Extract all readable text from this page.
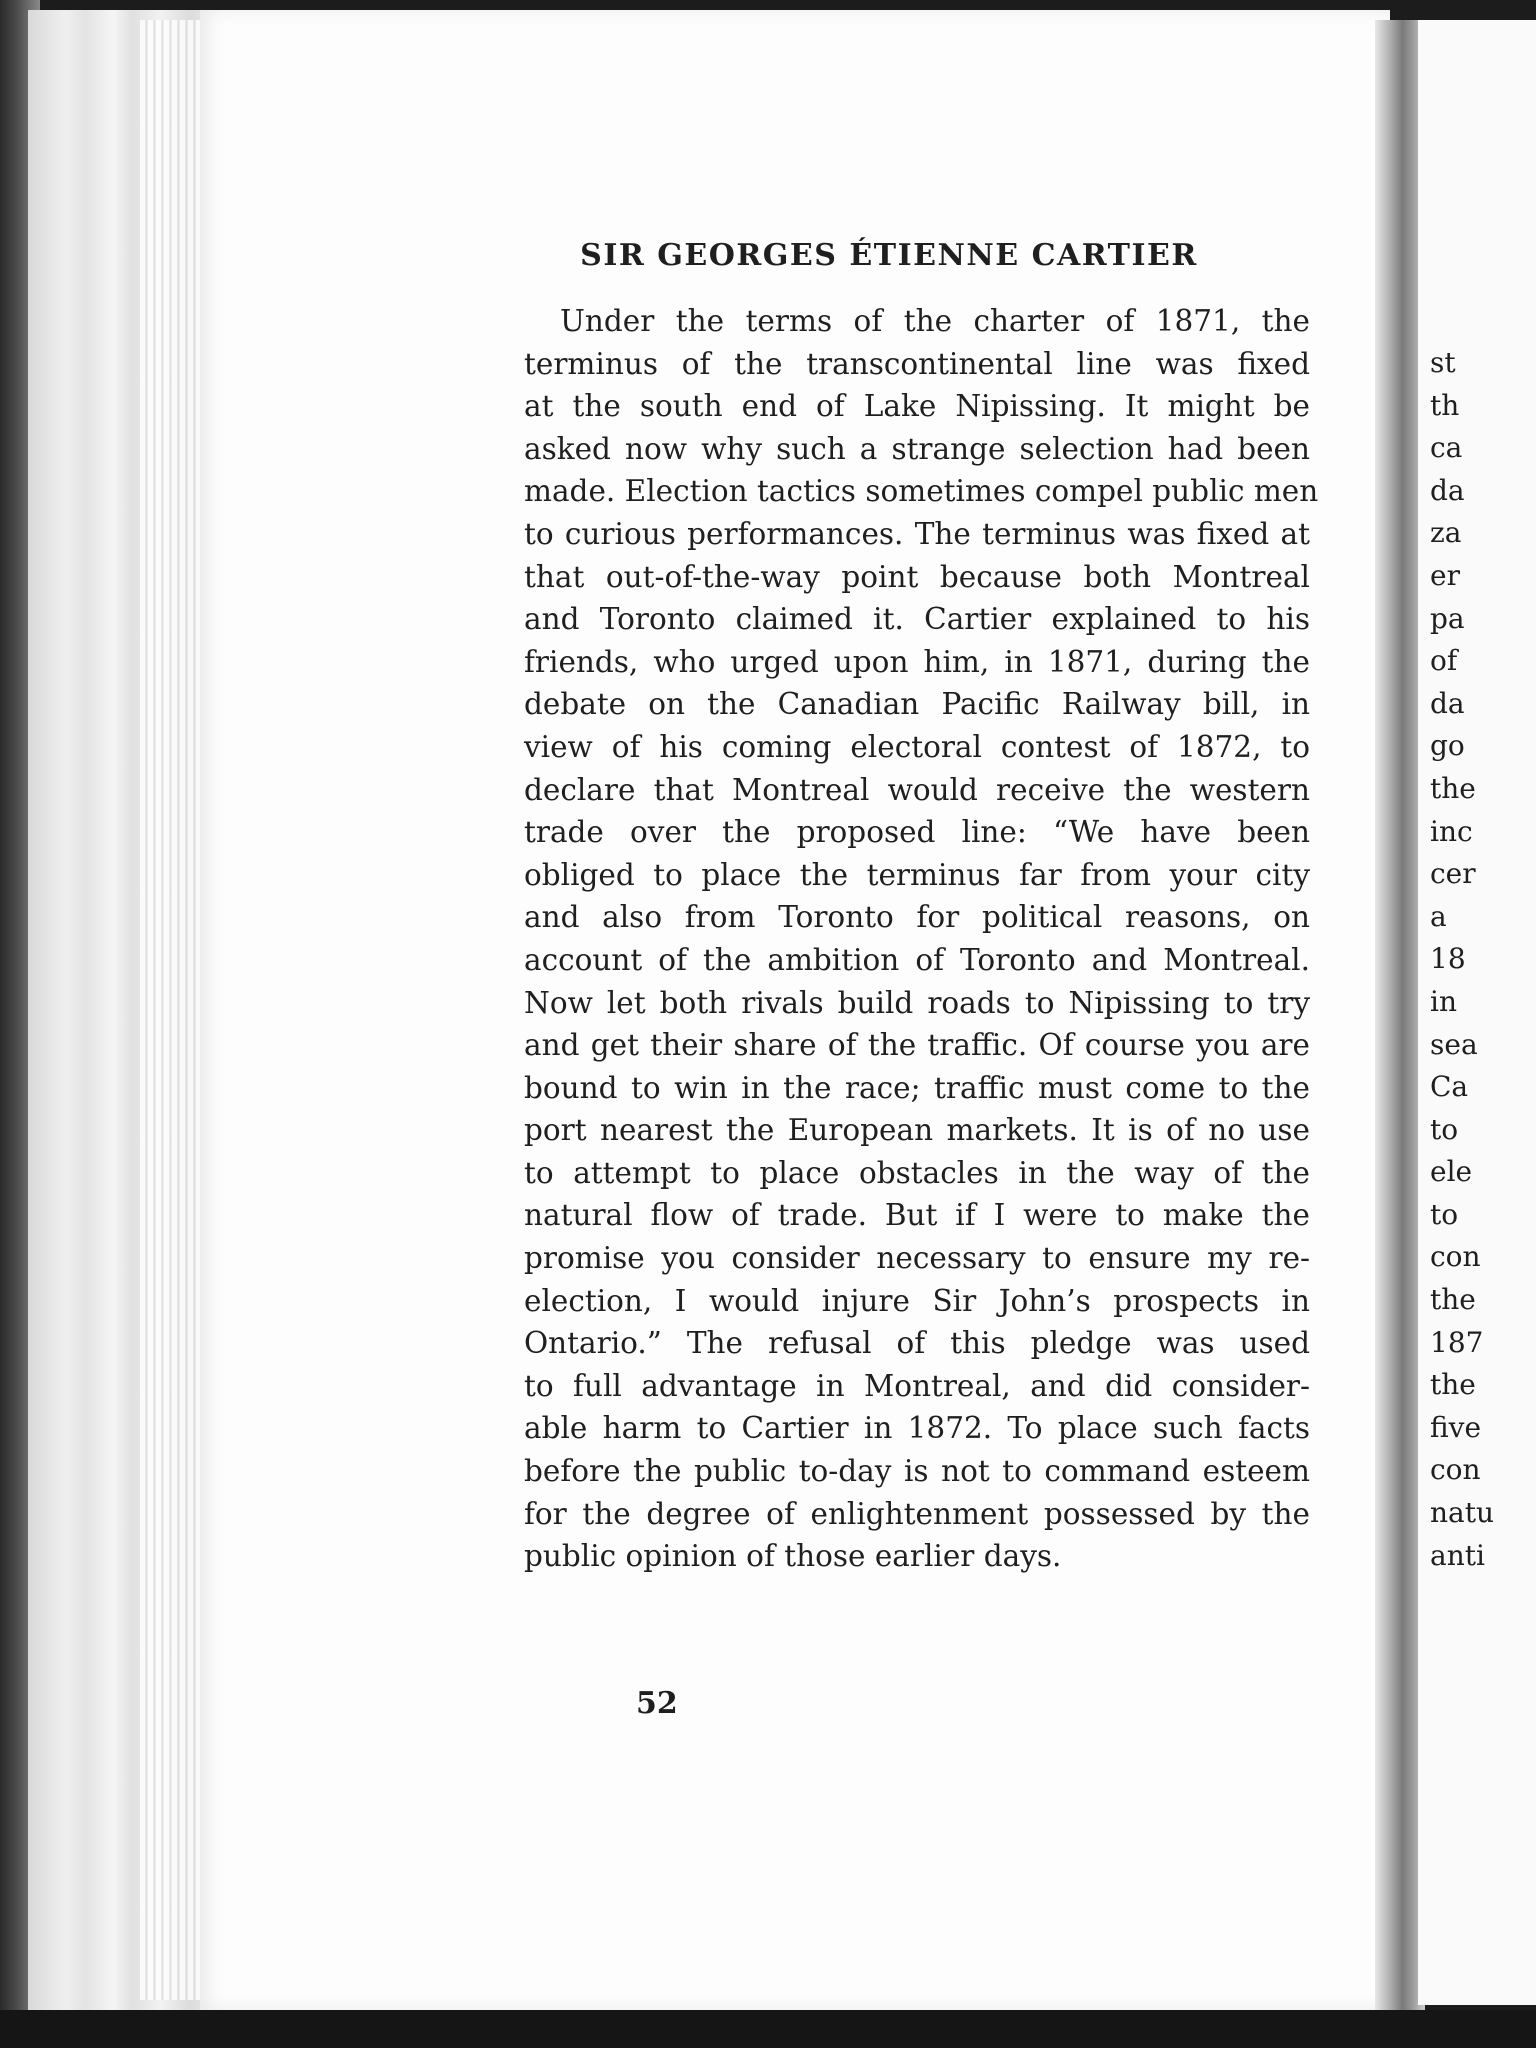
SIR GEORGES ÉTIENNE CARTIER
Under the terms of the charter of 1871, the
terminus of the transcontinental line was fixed
at the south end of Lake Nipissing. It might be
asked now why such a strange selection had been
made. Election tactics sometimes compel public men
to curious performances. The terminus was fixed at
that out-of-the-way point because both Montreal
and Toronto claimed it. Cartier explained to his
friends, who urged upon him, in 1871, during the
debate on the Canadian Pacific Railway bill, in
view of his coming electoral contest of 1872, to
declare that Montreal would receive the western
trade over the proposed line: “We have been
obliged to place the terminus far from your city
and also from Toronto for political reasons, on
account of the ambition of Toronto and Montreal.
Now let both rivals build roads to Nipissing to try
and get their share of the traffic. Of course you are
bound to win in the race; traffic must come to the
port nearest the European markets. It is of no use
to attempt to place obstacles in the way of the
natural flow of trade. But if I were to make the
promise you consider necessary to ensure my re-
election, I would injure Sir John’s prospects in
Ontario.” The refusal of this pledge was used
to full advantage in Montreal, and did consider-
able harm to Cartier in 1872. To place such facts
before the public to-day is not to command esteem
for the degree of enlightenment possessed by the
public opinion of those earlier days.
52
st
th
ca
da
za
er
pa
of
da
go
the
inc
cer
a
18
in
sea
Ca
to
ele
to
con
the
187
the
five
con
natu
anti
